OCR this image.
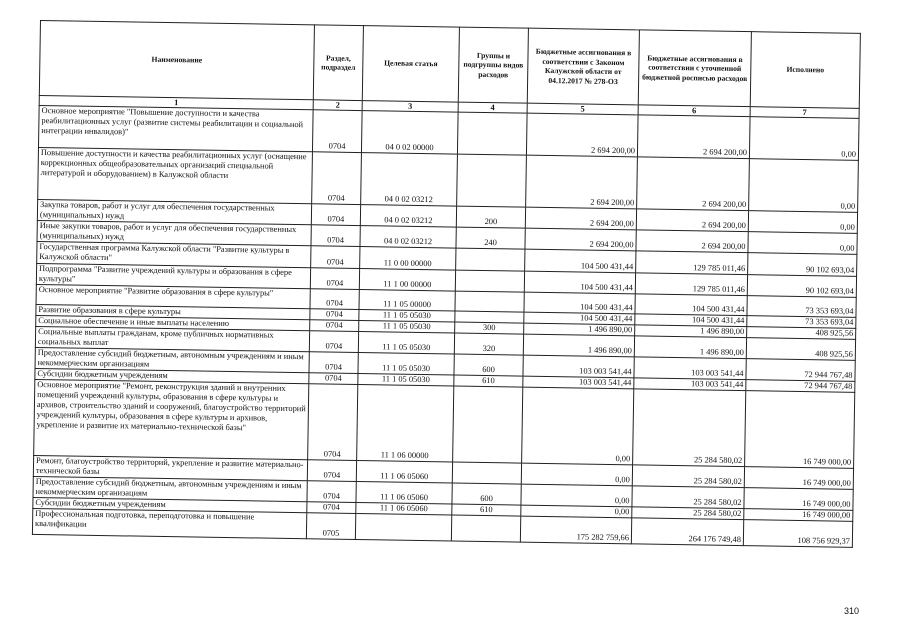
Наименование	Раздел, подраздел	Целевая статья	Группы и подгруппы видов расходов	Бюджетные ассигнования в соответствии с Законом Калужской области от 04.12.2017 № 278-ОЗ	Бюджетные ассигнования в соответствии с уточненной бюджетной росписью расходов	Исполнено
1	2	3	4	5	6	7
Основное мероприятие "Повышение доступности и качества реабилитационных услуг (развитие системы реабилитации и социальной интеграции инвалидов)"	0704	04 0 02 00000		2 694 200,00	2 694 200,00	0,00
Повышение доступности и качества реабилитационных услуг (оснащение коррекционных общеобразовательных организаций специальной литературой и оборудованием) в Калужской области	0704	04 0 02 03212		2 694 200,00	2 694 200,00	0,00
Закупка товаров, работ и услуг для обеспечения государственных (муниципальных) нужд	0704	04 0 02 03212	200	2 694 200,00	2 694 200,00	0,00
Иные закупки товаров, работ и услуг для обеспечения государственных (муниципальных) нужд	0704	04 0 02 03212	240	2 694 200,00	2 694 200,00	0,00
Государственная программа Калужской области "Развитие культуры в Калужской области"	0704	11 0 00 00000		104 500 431,44	129 785 011,46	90 102 693,04
Подпрограмма "Развитие учреждений культуры и образования в сфере культуры"	0704	11 1 00 00000		104 500 431,44	129 785 011,46	90 102 693,04
Основное мероприятие "Развитие образования в сфере культуры"	0704	11 1 05 00000		104 500 431,44	104 500 431,44	73 353 693,04
Развитие образования в сфере культуры	0704	11 1 05 05030		104 500 431,44	104 500 431,44	73 353 693,04
Социальное обеспечение и иные выплаты населению	0704	11 1 05 05030	300	1 496 890,00	1 496 890,00	408 925,56
Социальные выплаты гражданам, кроме публичных нормативных социальных выплат	0704	11 1 05 05030	320	1 496 890,00	1 496 890,00	408 925,56
Предоставление субсидий бюджетным, автономным учреждениям и иным некоммерческим организациям	0704	11 1 05 05030	600	103 003 541,44	103 003 541,44	72 944 767,48
Субсидии бюджетным учреждениям	0704	11 1 05 05030	610	103 003 541,44	103 003 541,44	72 944 767,48
Основное мероприятие "Ремонт, реконструкция зданий и внутренних помещений учреждений культуры, образования в сфере культуры и архивов, строительство зданий и сооружений, благоустройство территорий учреждений культуры, образования в сфере культуры и архивов, укрепление и развитие их материально-технической базы"	0704	11 1 06 00000		0,00	25 284 580,02	16 749 000,00
Ремонт, благоустройство территорий, укрепление и развитие материально-технической базы	0704	11 1 06 05060		0,00	25 284 580,02	16 749 000,00
Предоставление субсидий бюджетным, автономным учреждениям и иным некоммерческим организациям	0704	11 1 06 05060	600	0,00	25 284 580,02	16 749 000,00
Субсидии бюджетным учреждениям	0704	11 1 06 05060	610	0,00	25 284 580,02	16 749 000,00
Профессиональная подготовка, переподготовка и повышение квалификации	0705			175 282 759,66	264 176 749,48	108 756 929,37
310
